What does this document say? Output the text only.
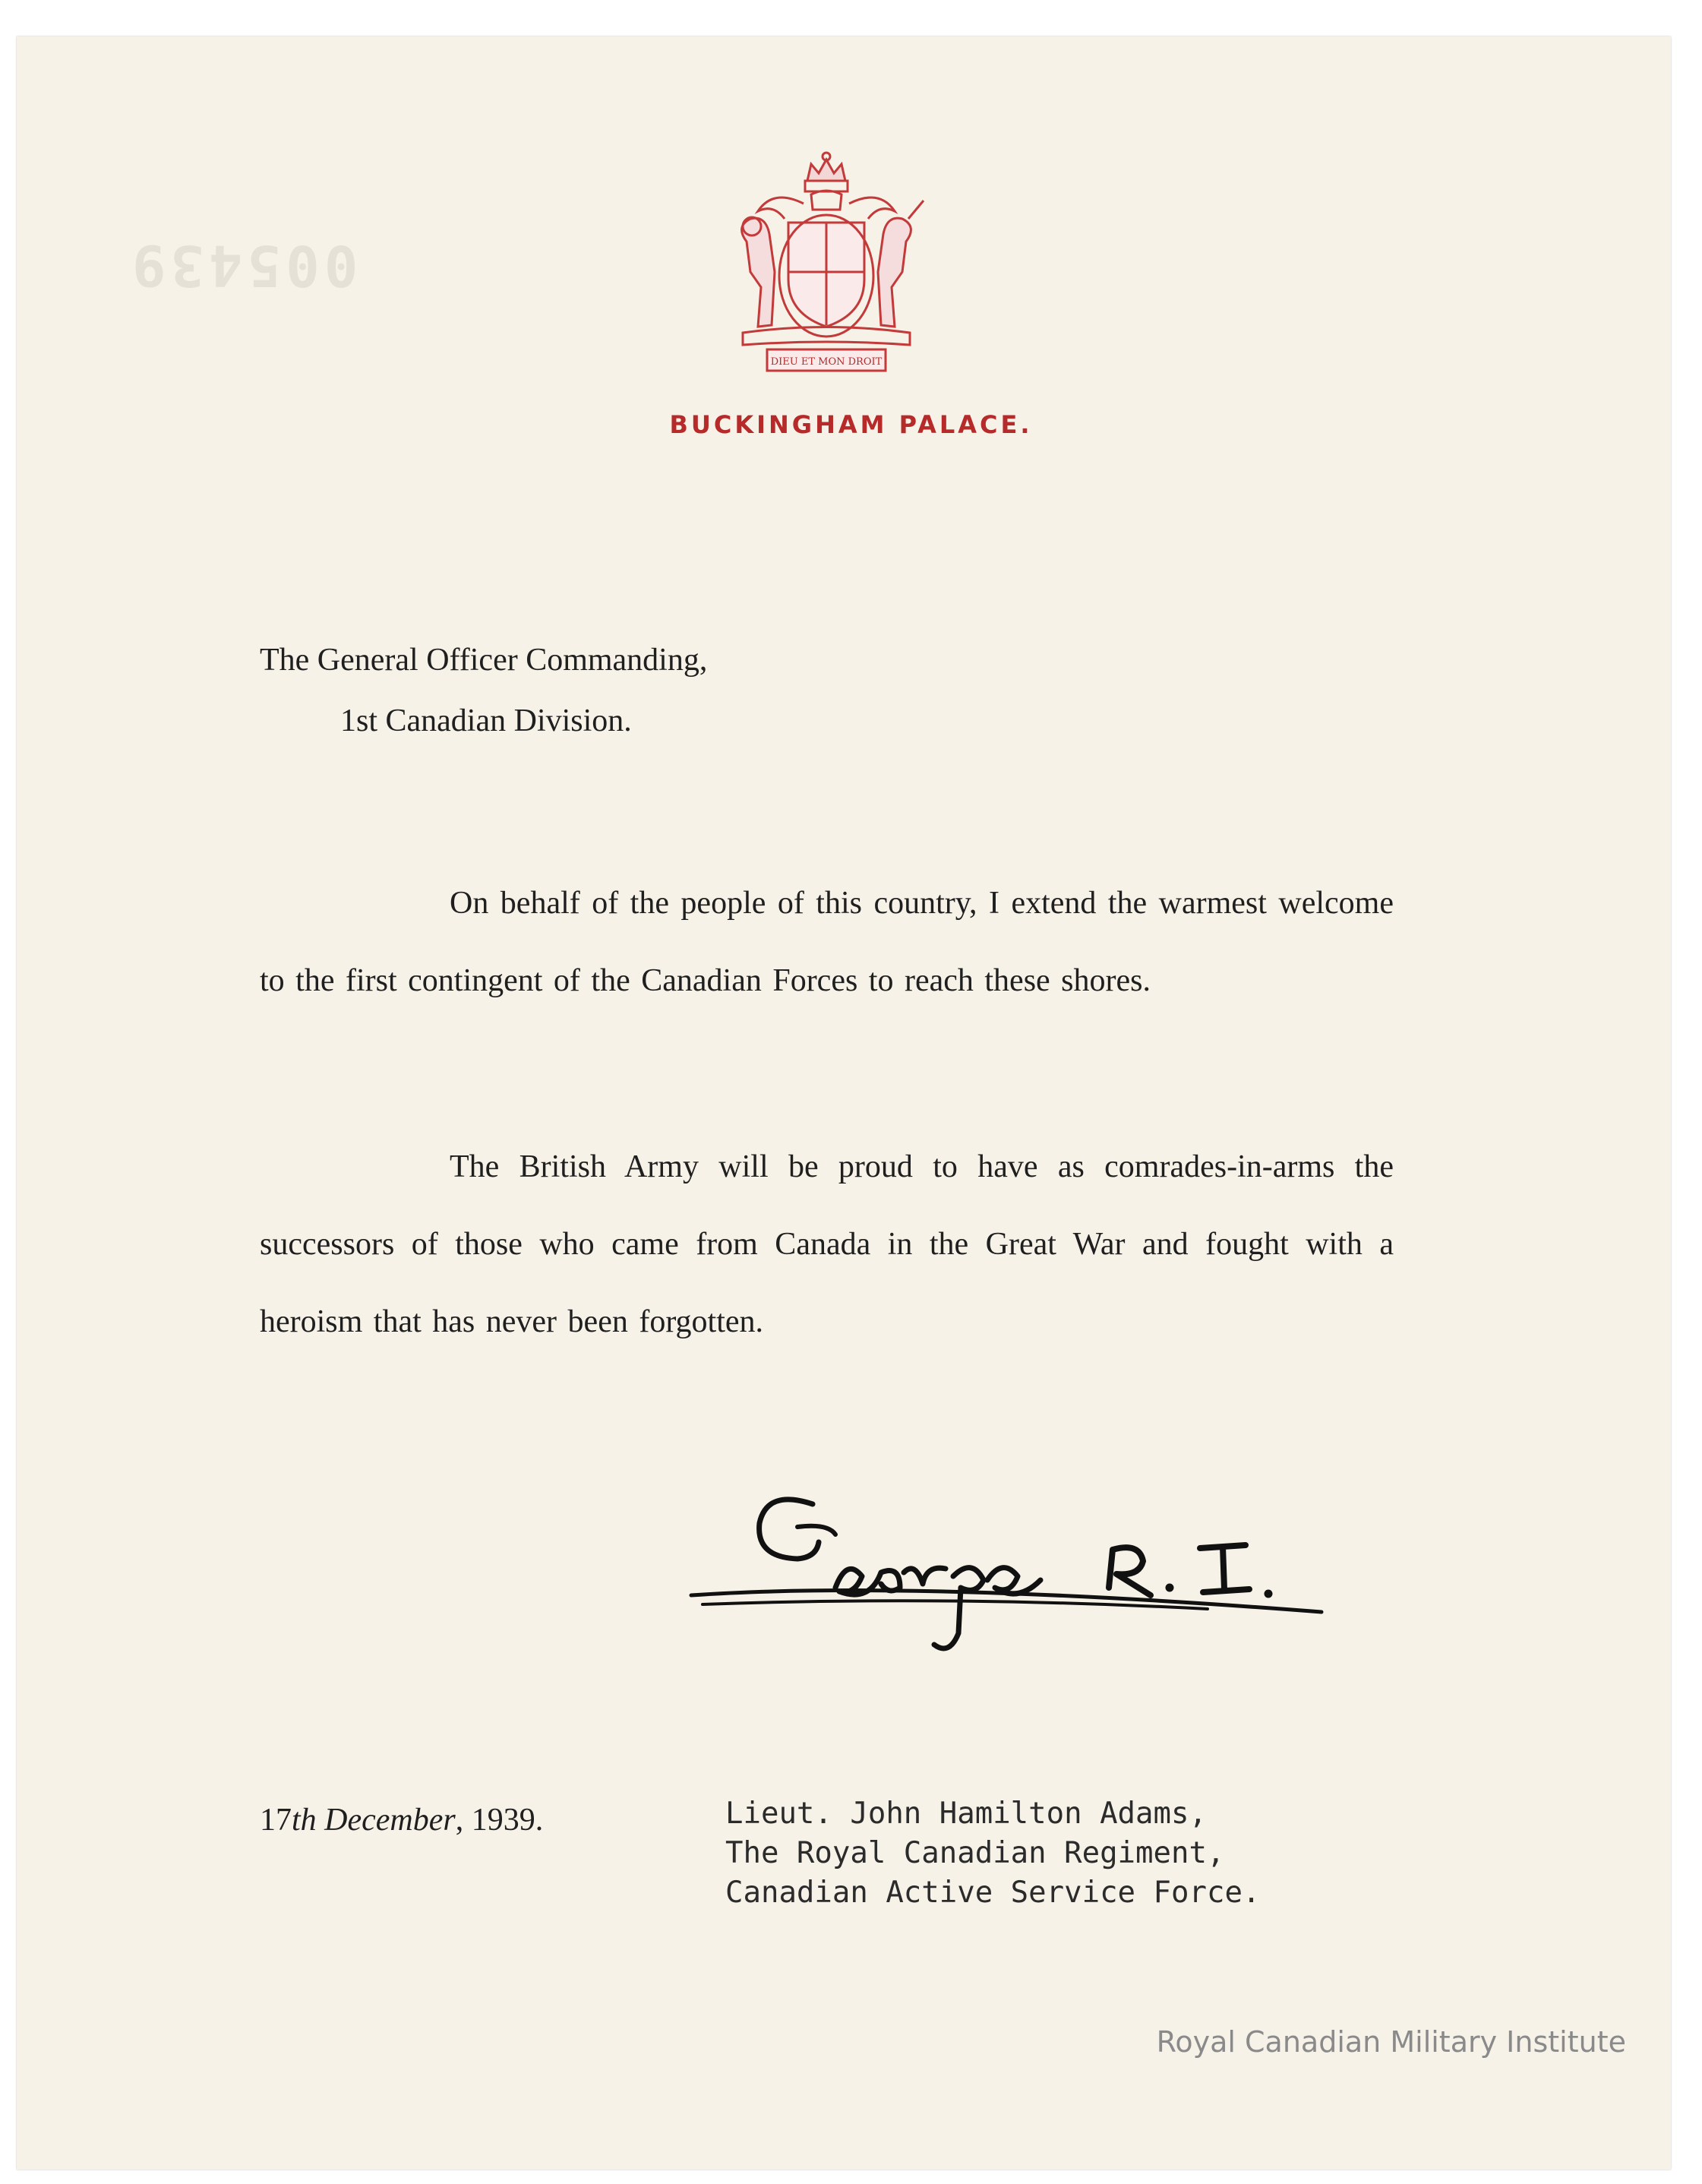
005439
DIEU ET MON DROIT
BUCKINGHAM PALACE.
The General Officer Commanding,
1st Canadian Division.
On behalf of the people of this country, I extend the warmest welcome to the first contingent of the Canadian Forces to reach these shores.
The British Army will be proud to have as comrades-in-arms the successors of those who came from Canada in the Great War and fought with a heroism that has never been forgotten.
17th December, 1939.	Lieut. John Hamilton Adams,
The Royal Canadian Regiment,
Canadian Active Service Force.
Royal Canadian Military Institute
